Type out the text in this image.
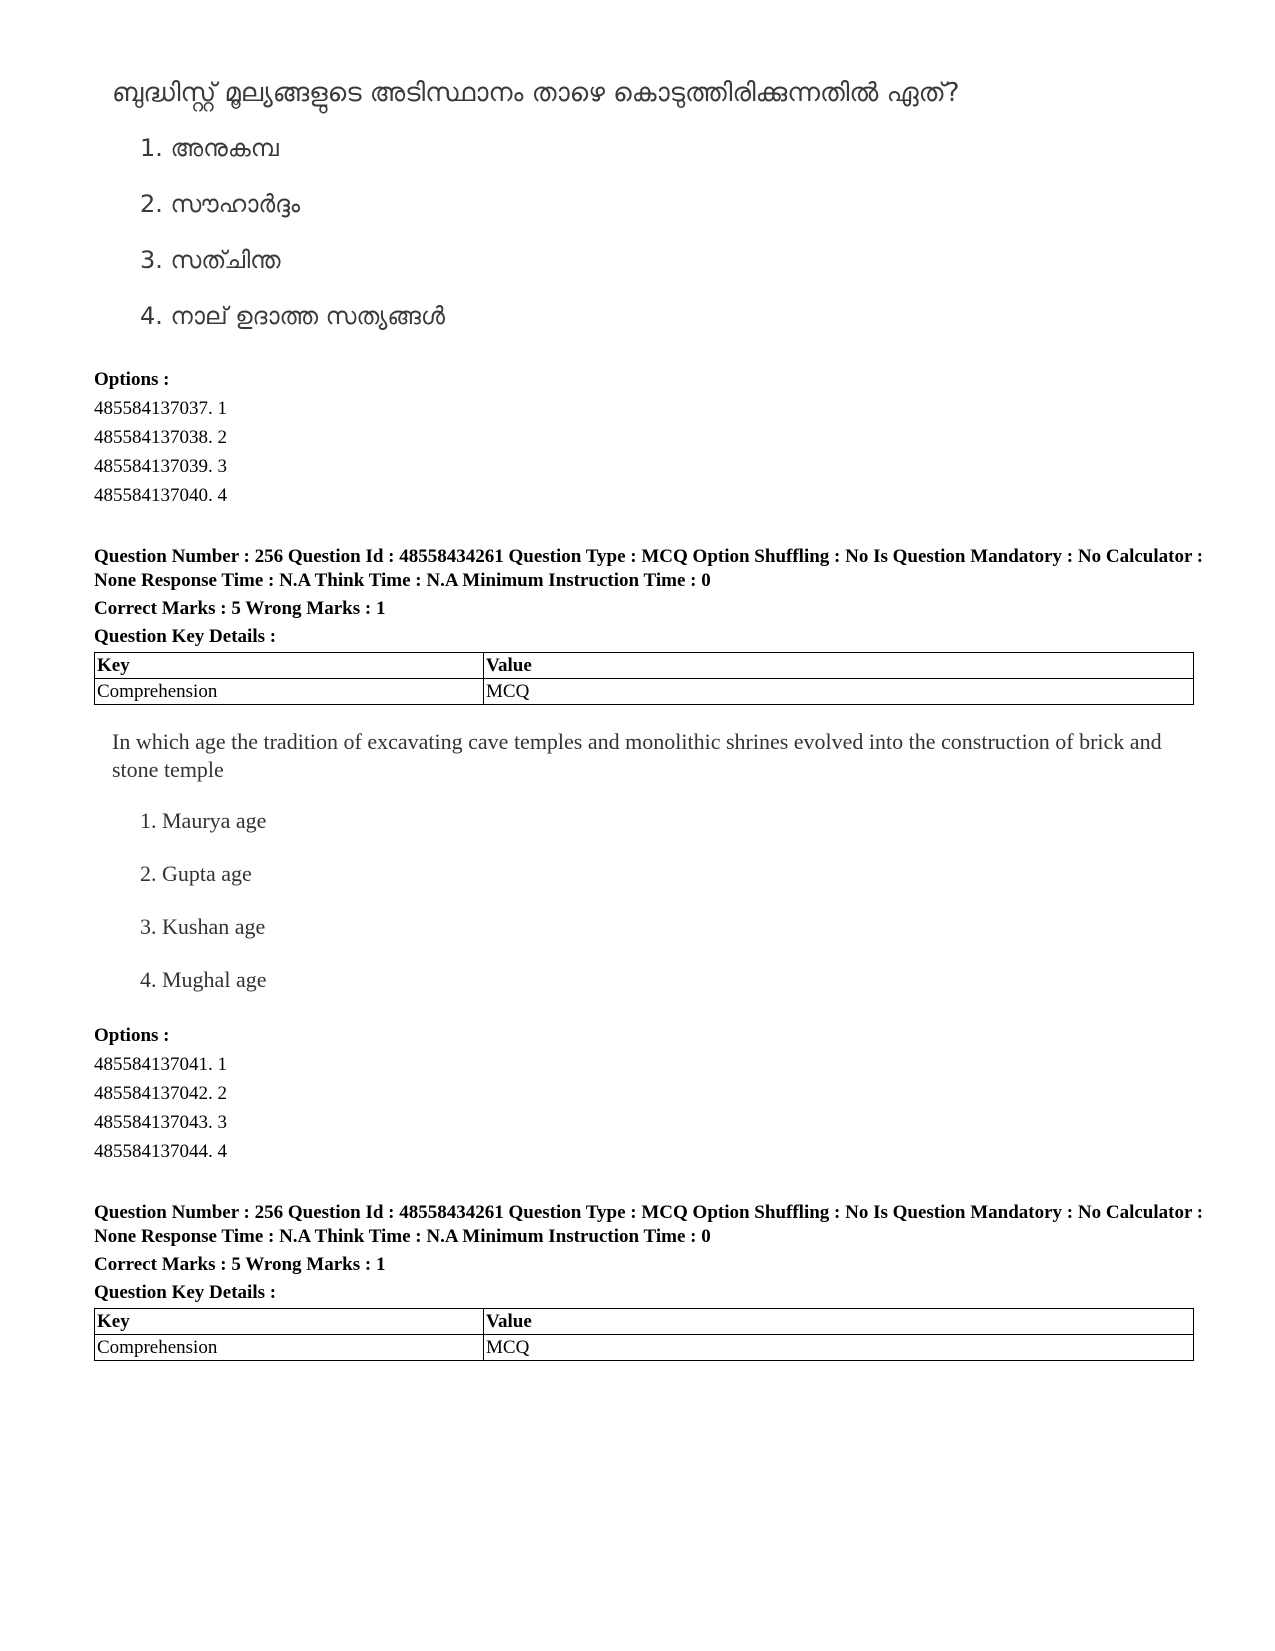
ബുദ്ധിസ്റ്റ് മൂല്യങ്ങളുടെ അടിസ്ഥാനം താഴെ കൊടുത്തിരിക്കുന്നതിൽ ഏത്?

1. അനുകമ്പ
2. സൗഹാർദ്ദം
3. സത്ചിന്ത
4. നാല് ഉദാത്ത സത്യങ്ങൾ
Options :
485584137037. 1
485584137038. 2
485584137039. 3
485584137040. 4

Question Number : 256 Question Id : 48558434261 Question Type : MCQ Option Shuffling : No Is Question Mandatory : No Calculator : None Response Time : N.A Think Time : N.A Minimum Instruction Time : 0

Correct Marks : 5 Wrong Marks : 1

Question Key Details :

Key	Value
Comprehension	MCQ

In which age the tradition of excavating cave temples and monolithic shrines evolved into the construction of brick and stone temple

1. Maurya age
2. Gupta age
3. Kushan age
4. Mughal age
Options :
485584137041. 1
485584137042. 2
485584137043. 3
485584137044. 4

Question Number : 256 Question Id : 48558434261 Question Type : MCQ Option Shuffling : No Is Question Mandatory : No Calculator : None Response Time : N.A Think Time : N.A Minimum Instruction Time : 0

Correct Marks : 5 Wrong Marks : 1

Question Key Details :

Key	Value
Comprehension	MCQ
